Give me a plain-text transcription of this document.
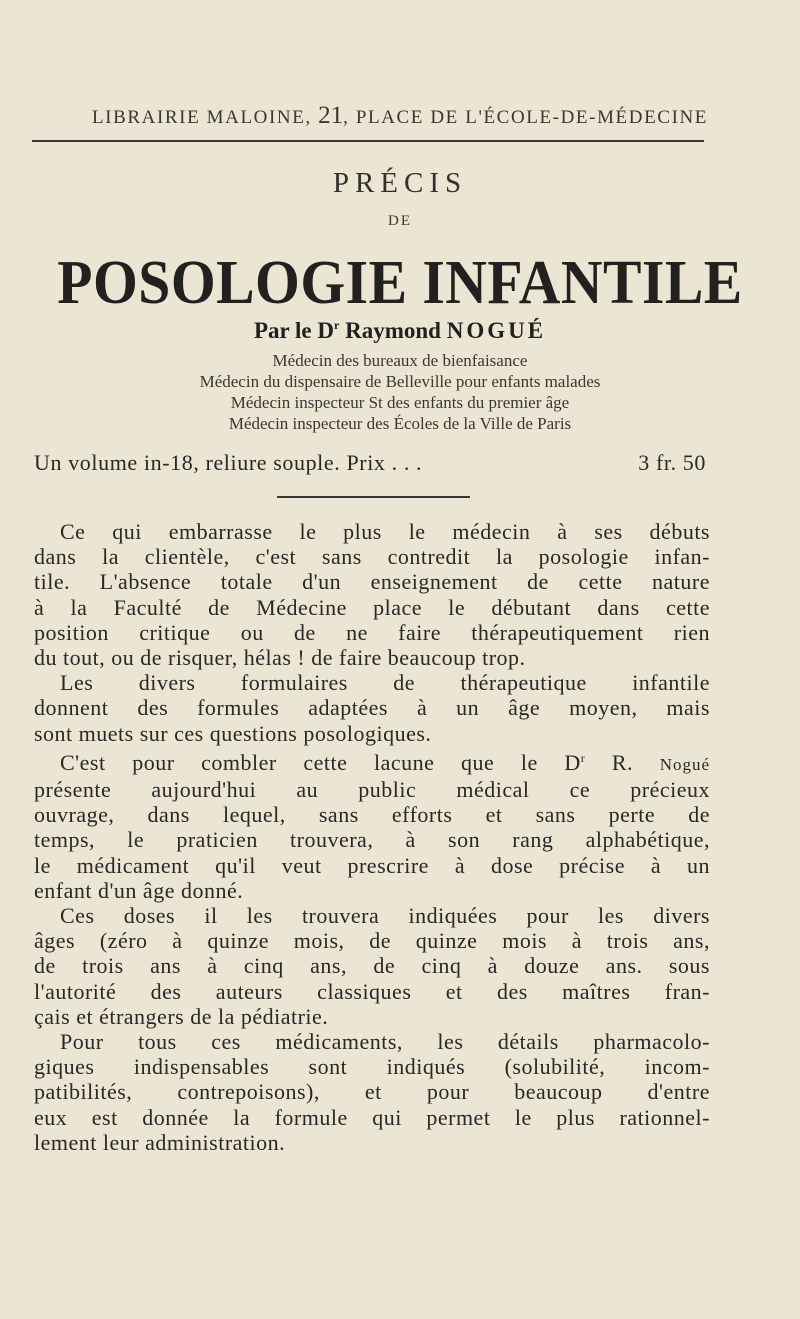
LIBRAIRIE MALOINE, 21, PLACE DE L'ÉCOLE-DE-MÉDECINE
PRÉCIS
DE
POSOLOGIE INFANTILE
Par le $D^r$ Raymond NOGUÉ
Médecin des bureaux de bienfaisance
Médecin du dispensaire de Belleville pour enfants malades
Médecin inspecteur St des enfants du premier âge
Médecin inspecteur des Écoles de la Ville de Paris
Un volume in-18, reliure souple. Prix . . .	3 fr. 50
Ce qui embarrasse le plus le médecin à ses débuts
dans la clientèle, c'est sans contredit la posologie infan-
tile. L'absence totale d'un enseignement de cette nature
à la Faculté de Médecine place le débutant dans cette
position critique ou de ne faire thérapeutiquement rien
du tout, ou de risquer, hélas ! de faire beaucoup trop.
Les divers formulaires de thérapeutique infantile
donnent des formules adaptées à un âge moyen, mais
sont muets sur ces questions posologiques.
C'est pour combler cette lacune que le $D^r$ R. Nogué
présente aujourd'hui au public médical ce précieux
ouvrage, dans lequel, sans efforts et sans perte de
temps, le praticien trouvera, à son rang alphabétique,
le médicament qu'il veut prescrire à dose précise à un
enfant d'un âge donné.
Ces doses il les trouvera indiquées pour les divers
âges (zéro à quinze mois, de quinze mois à trois ans,
de trois ans à cinq ans, de cinq à douze ans. sous
l'autorité des auteurs classiques et des maîtres fran-
çais et étrangers de la pédiatrie.
Pour tous ces médicaments, les détails pharmacolo-
giques indispensables sont indiqués (solubilité, incom-
patibilités, contrepoisons), et pour beaucoup d'entre
eux est donnée la formule qui permet le plus rationnel-
lement leur administration.
